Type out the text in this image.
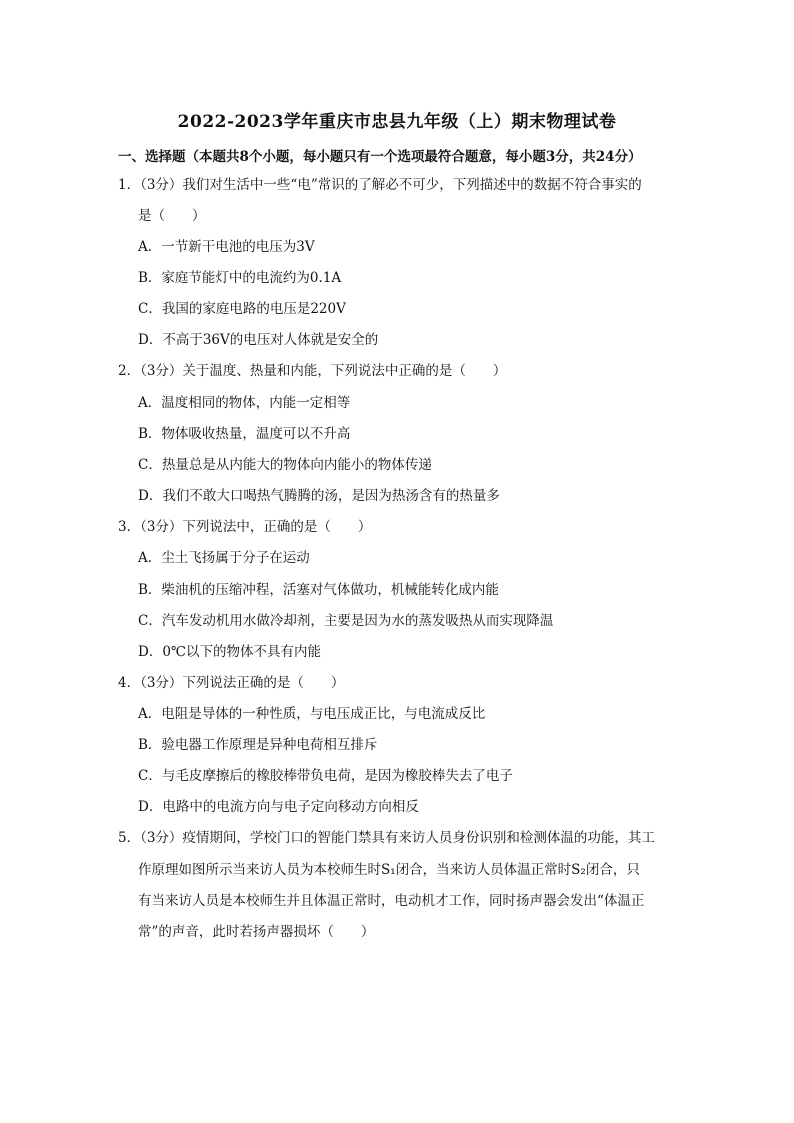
2022-2023学年重庆市忠县九年级（上）期末物理试卷
一、选择题（本题共8个小题，每小题只有一个选项最符合题意，每小题3分，共24分）
1．（3分）我们对生活中一些“电”常识的了解必不可少，下列描述中的数据不符合事实的
是（　　）
A．一节新干电池的电压为3V
B．家庭节能灯中的电流约为0.1A
C．我国的家庭电路的电压是220V
D．不高于36V的电压对人体就是安全的
2．（3分）关于温度、热量和内能，下列说法中正确的是（　　）
A．温度相同的物体，内能一定相等
B．物体吸收热量，温度可以不升高
C．热量总是从内能大的物体向内能小的物体传递
D．我们不敢大口喝热气腾腾的汤，是因为热汤含有的热量多
3．（3分）下列说法中，正确的是（　　）
A．尘土飞扬属于分子在运动
B．柴油机的压缩冲程，活塞对气体做功，机械能转化成内能
C．汽车发动机用水做冷却剂，主要是因为水的蒸发吸热从而实现降温
D．0℃以下的物体不具有内能
4．（3分）下列说法正确的是（　　）
A．电阻是导体的一种性质，与电压成正比，与电流成反比
B．验电器工作原理是异种电荷相互排斥
C．与毛皮摩擦后的橡胶棒带负电荷，是因为橡胶棒失去了电子
D．电路中的电流方向与电子定向移动方向相反
5．（3分）疫情期间，学校门口的智能门禁具有来访人员身份识别和检测体温的功能，其工
作原理如图所示当来访人员为本校师生时S₁闭合，当来访人员体温正常时S₂闭合，只
有当来访人员是本校师生并且体温正常时，电动机才工作，同时扬声器会发出“体温正
常”的声音，此时若扬声器损坏（　　）
